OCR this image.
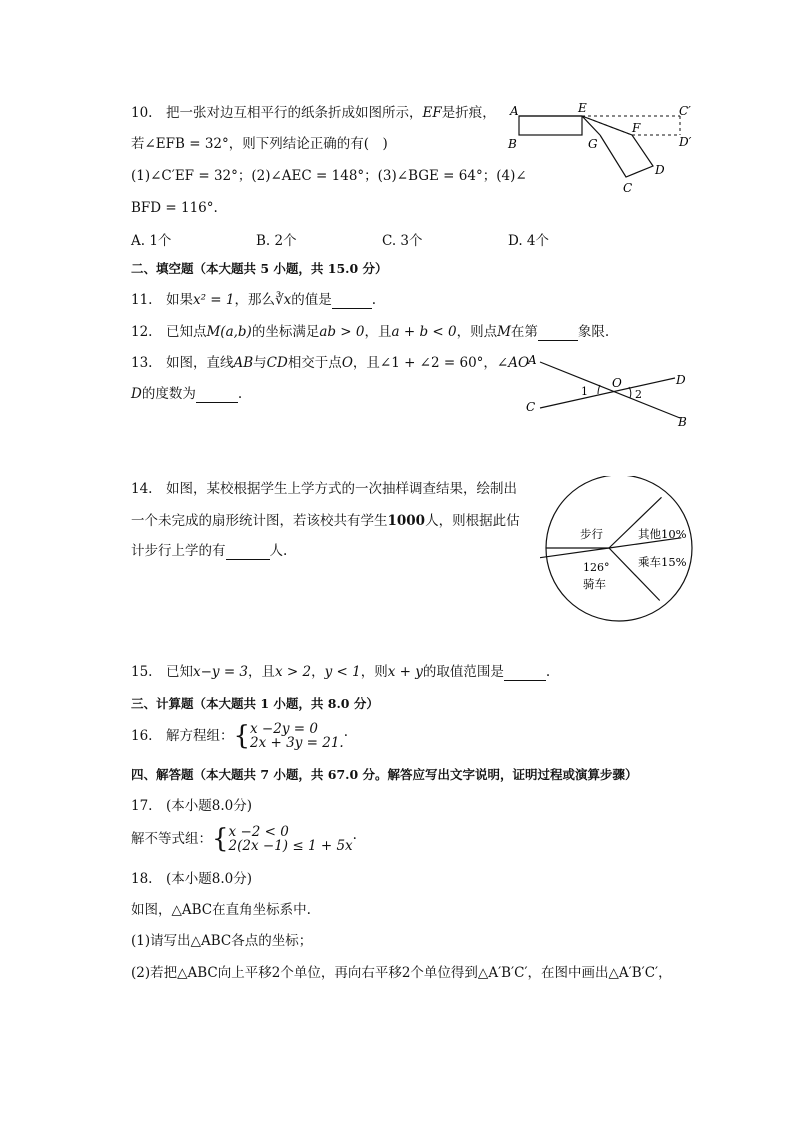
10.　把一张对边互相平行的纸条折成如图所示，EF是折痕，
若∠EFB = 32°，则下列结论正确的有(　)
(1)∠C′EF = 32°；(2)∠AEC = 148°；(3)∠BGE = 64°；(4)∠
BFD = 116°.
A. 1个	B. 2个	C. 3个	D. 4个
A	E	C′
F
D′
B	G
D
C
二、填空题（本大题共 5 小题，共 15.0 分）
11.　如果x² = 1，那么∛x的值是	.
12.　已知点M(a,b)的坐标满足ab > 0，且a + b < 0，则点M在第	象限.
13.　如图，直线AB与CD相交于点O，且∠1 + ∠2 = 60°，∠AO
D的度数为	.
A
O	D
C
1	2
B
14.　如图，某校根据学生上学方式的一次抽样调查结果，绘制出
一个未完成的扇形统计图，若该校共有学生1000人，则根据此估
计步行上学的有	人.
步行	其他10%
乘车15%
126°
骑车
15.　已知x−y = 3，且x > 2，y < 1，则x + y的取值范围是	.
三、计算题（本大题共 1 小题，共 8.0 分）
16.　解方程组：{x −2y = 0
2x + 3y = 21.·
四、解答题（本大题共 7 小题，共 67.0 分。解答应写出文字说明，证明过程或演算步骤）
17.　(本小题8.0分)
解不等式组：{x −2 < 0
2(2x −1) ≤ 1 + 5x·
18.　(本小题8.0分)
如图，△ABC在直角坐标系中.
(1)请写出△ABC各点的坐标；
(2)若把△ABC向上平移2个单位，再向右平移2个单位得到△A′B′C′，在图中画出△A′B′C′，
